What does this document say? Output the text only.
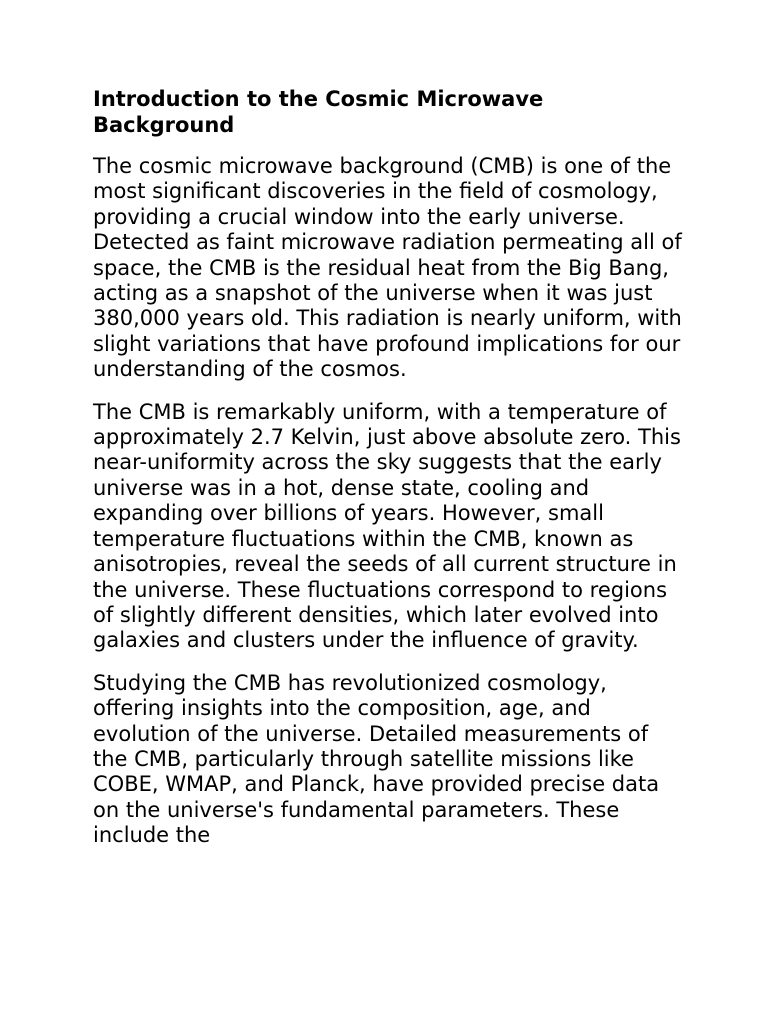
Introduction to the Cosmic Microwave Background

The cosmic microwave background (CMB) is one of the most significant discoveries in the field of cosmology, providing a crucial window into the early universe. Detected as faint microwave radiation permeating all of space, the CMB is the residual heat from the Big Bang, acting as a snapshot of the universe when it was just 380,000 years old. This radiation is nearly uniform, with slight variations that have profound implications for our understanding of the cosmos.

The CMB is remarkably uniform, with a temperature of approximately 2.7 Kelvin, just above absolute zero. This near-uniformity across the sky suggests that the early universe was in a hot, dense state, cooling and expanding over billions of years. However, small temperature fluctuations within the CMB, known as anisotropies, reveal the seeds of all current structure in the universe. These fluctuations correspond to regions of slightly different densities, which later evolved into galaxies and clusters under the influence of gravity.

Studying the CMB has revolutionized cosmology, offering insights into the composition, age, and evolution of the universe. Detailed measurements of the CMB, particularly through satellite missions like COBE, WMAP, and Planck, have provided precise data on the universe's fundamental parameters. These include the
